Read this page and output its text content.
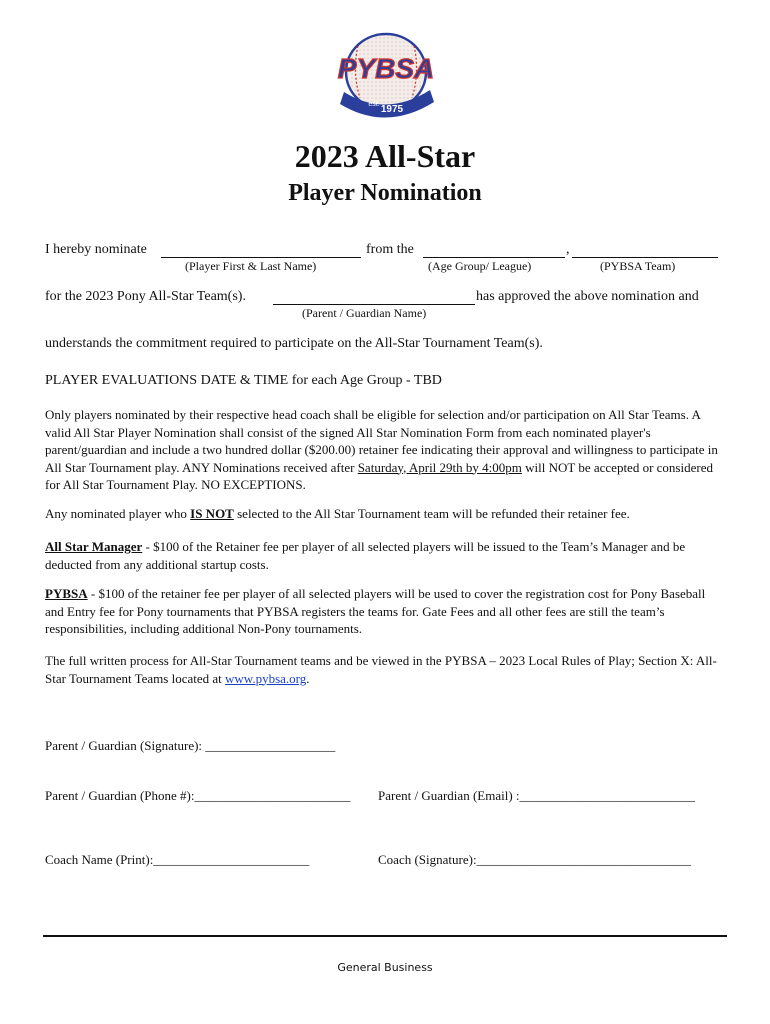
PYBSA
est. 1975
2023 All-Star
Player Nomination
I hereby nominate	from the	,
(Player First & Last Name)	(Age Group/ League)	(PYBSA Team)
for the 2023 Pony All-Star Team(s).	has approved the above nomination and
(Parent / Guardian Name)
understands the commitment required to participate on the All-Star Tournament Team(s).
PLAYER EVALUATIONS DATE & TIME for each Age Group - TBD
Only players nominated by their respective head coach shall be eligible for selection and/or participation on All Star Teams. A valid All Star Player Nomination shall consist of the signed All Star Nomination Form from each nominated player's parent/guardian and include a two hundred dollar ($200.00) retainer fee indicating their approval and willingness to participate in All Star Tournament play. ANY Nominations received after Saturday, April 29th by 4:00pm will NOT be accepted or considered for All Star Tournament Play. NO EXCEPTIONS.
Any nominated player who IS NOT selected to the All Star Tournament team will be refunded their retainer fee.
All Star Manager - $100 of the Retainer fee per player of all selected players will be issued to the Team’s Manager and be deducted from any additional startup costs.
PYBSA - $100 of the retainer fee per player of all selected players will be used to cover the registration cost for Pony Baseball and Entry fee for Pony tournaments that PYBSA registers the teams for. Gate Fees and all other fees are still the team’s responsibilities, including additional Non-Pony tournaments.
The full written process for All-Star Tournament teams and be viewed in the PYBSA – 2023 Local Rules of Play; Section X: All-Star Tournament Teams located at www.pybsa.org.
Parent / Guardian (Signature): ____________________
Parent / Guardian (Phone #):________________________ Parent / Guardian (Email) :___________________________
Coach Name (Print):________________________	Coach (Signature):_________________________________
General Business
